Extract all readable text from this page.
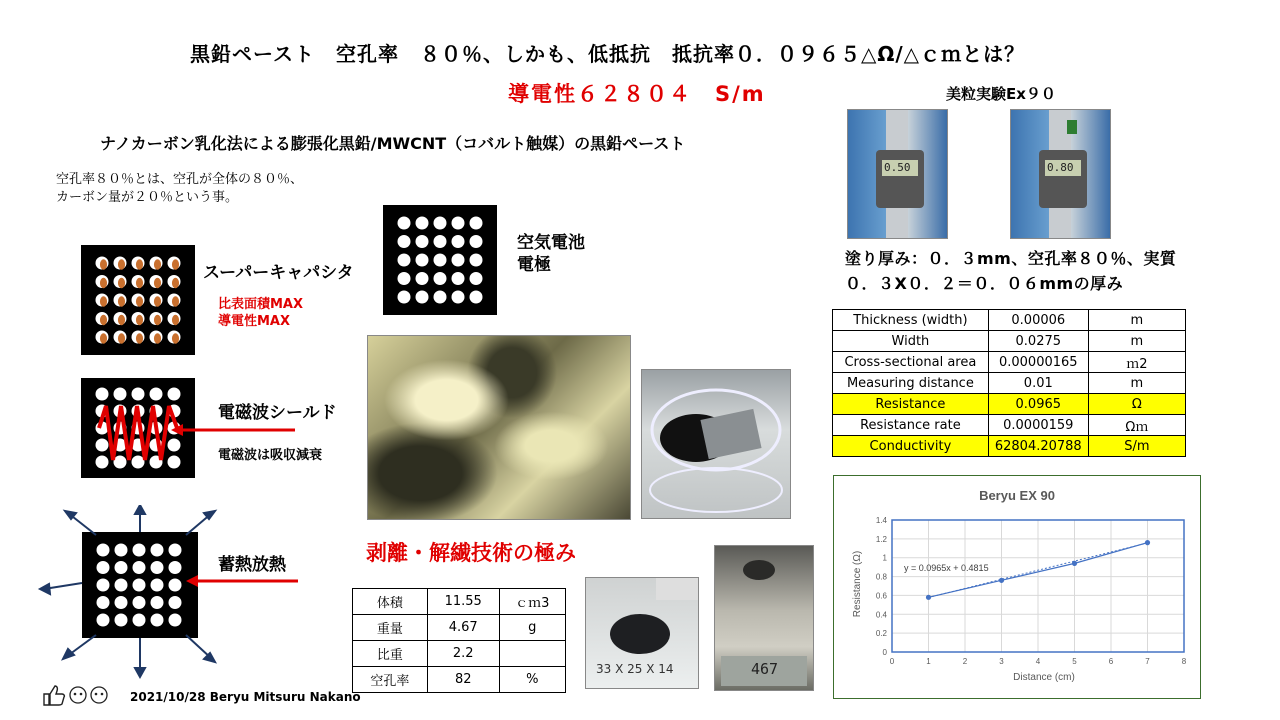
黒鉛ペースト　空孔率　８０％、しかも、低抵抗　抵抗率０．０９６５△Ω/△ｃｍとは？
導電性６２８０４　S/m
ナノカーボン乳化法による膨張化黒鉛/MWCNT（コバルト触媒）の黒鉛ペースト
空孔率８０％とは、空孔が全体の８０％、
カーボン量が２０％という事。
スーパーキャパシタ
比表面積MAX
導電性MAX
空気電池
電極
電磁波シールド
電磁波は吸収減衰
蓄熱放熱	剥離・解繊技術の極み
体積	11.55	ｃｍ3
重量	4.67	g
比重	2.2	
空孔率	82	%
33 X 25 X 14	467
美粒実験Ex９０
0.50	0.80
塗り厚み：０．３mm、空孔率８０％、実質
０．３X０．２＝０．０６mmの厚み
Thickness (width)	0.00006	m
Width	0.0275	m
Cross-sectional area	0.00000165	ｍ2
Measuring distance	0.01	m
Resistance	0.0965	Ω
Resistance rate	0.0000159	Ωｍ
Conductivity	62804.20788	S/m
Beryu EX 90
Distance (cm)
Resistance (Ω)
0
0.2
0.4
0.6
0.8
1
1.2
1.4
0	1	2	3	4	5	6	7	8
y = 0.0965x + 0.4815
2021/10/28 Beryu Mitsuru Nakano
